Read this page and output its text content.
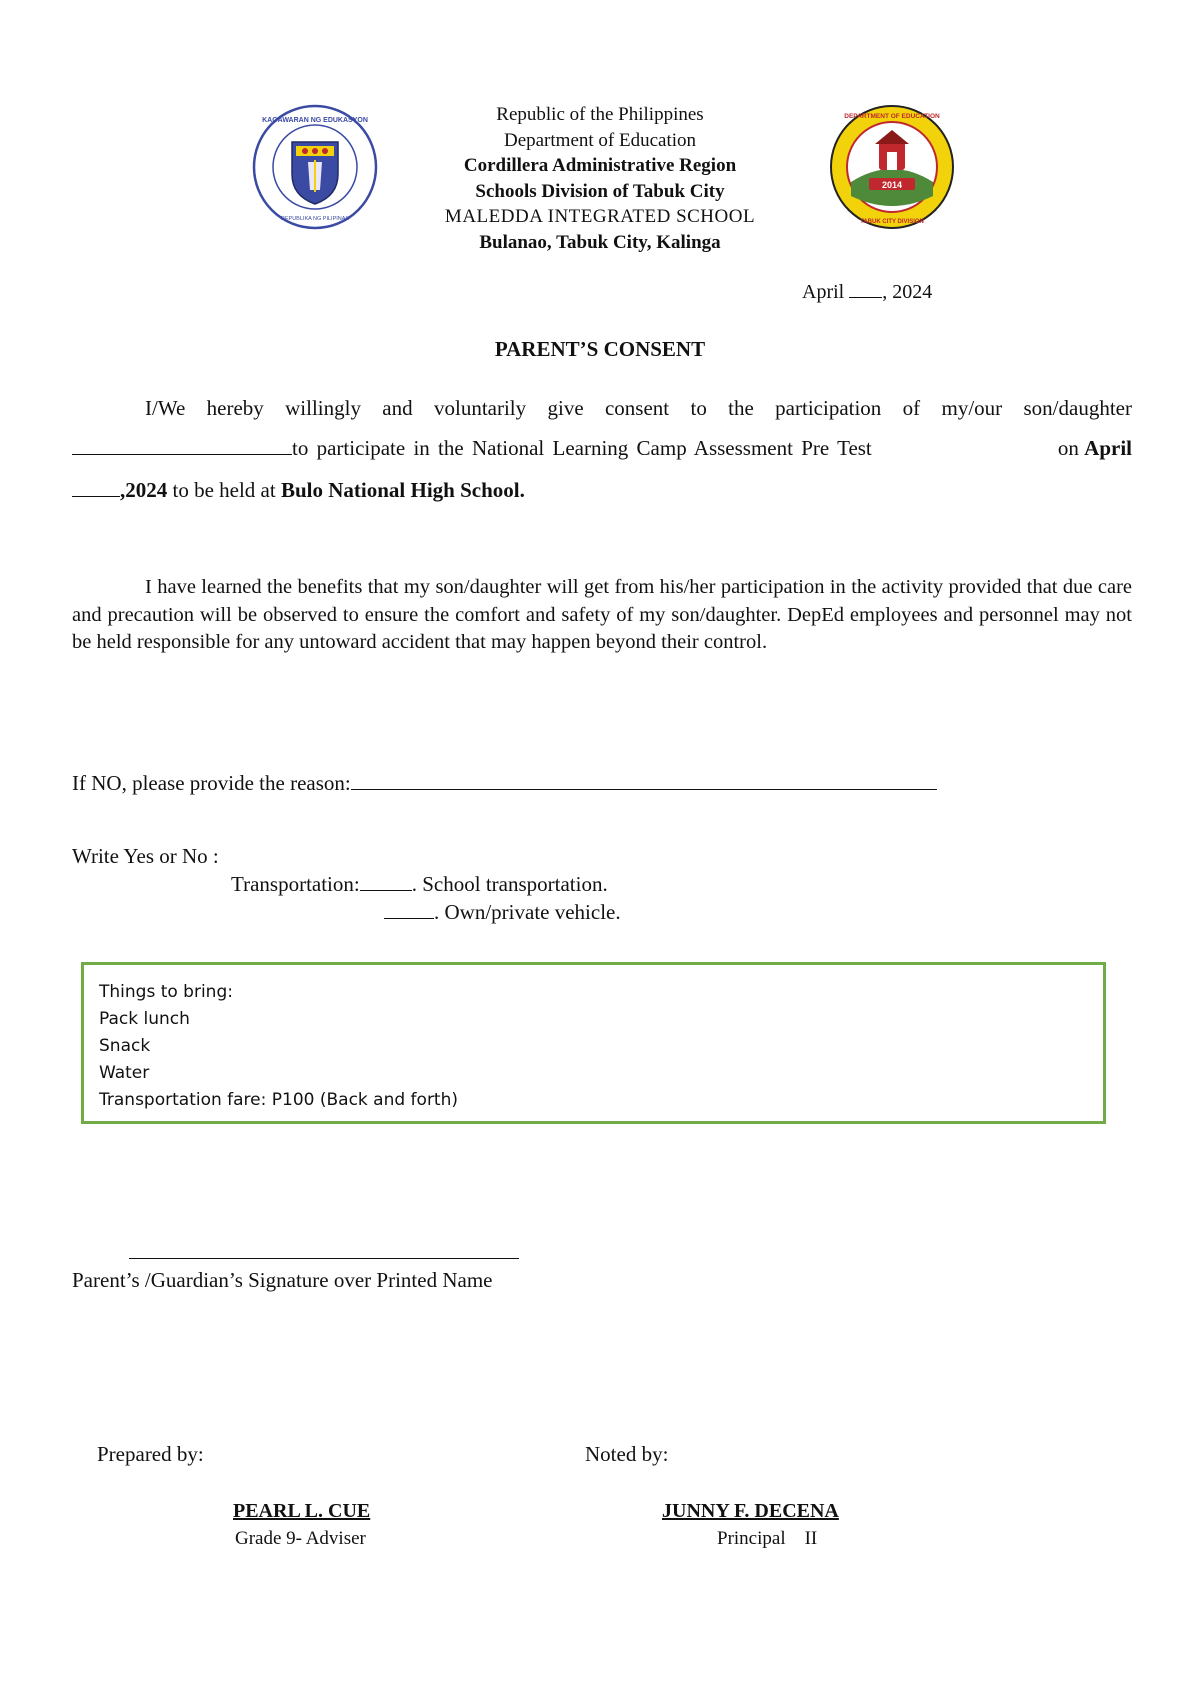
KAGAWARAN NG EDUKASYON
REPUBLIKA NG PILIPINAS
2014
DEPARTMENT OF EDUCATION
TABUK CITY DIVISION
Republic of the Philippines
Department of Education
Cordillera Administrative Region
Schools Division of Tabuk City
MALEDDA INTEGRATED SCHOOL
Bulanao, Tabuk City, Kalinga
April , 2024
PARENT’S CONSENT
I/We hereby willingly and voluntarily give consent to the participation of my/our son/daughter
to participate in the National Learning Camp Assessment Pre Test	on April
,2024 to be held at Bulo National High School.
I have learned the benefits that my son/daughter will get from his/her participation in the activity provided that due care and precaution will be observed to ensure the comfort and safety of my son/daughter. DepEd employees and personnel may not be held responsible for any untoward accident that may happen beyond their control.
If NO, please provide the reason:
Write Yes or No :
Transportation: . School transportation.
. Own/private vehicle.
Things to bring:
Pack lunch
Snack
Water
Transportation fare: P100 (Back and forth)
Parent’s /Guardian’s Signature over Printed Name
Prepared by:	Noted by:
PEARL L. CUE
Grade 9- Adviser
JUNNY F. DECENA
Principal    II
